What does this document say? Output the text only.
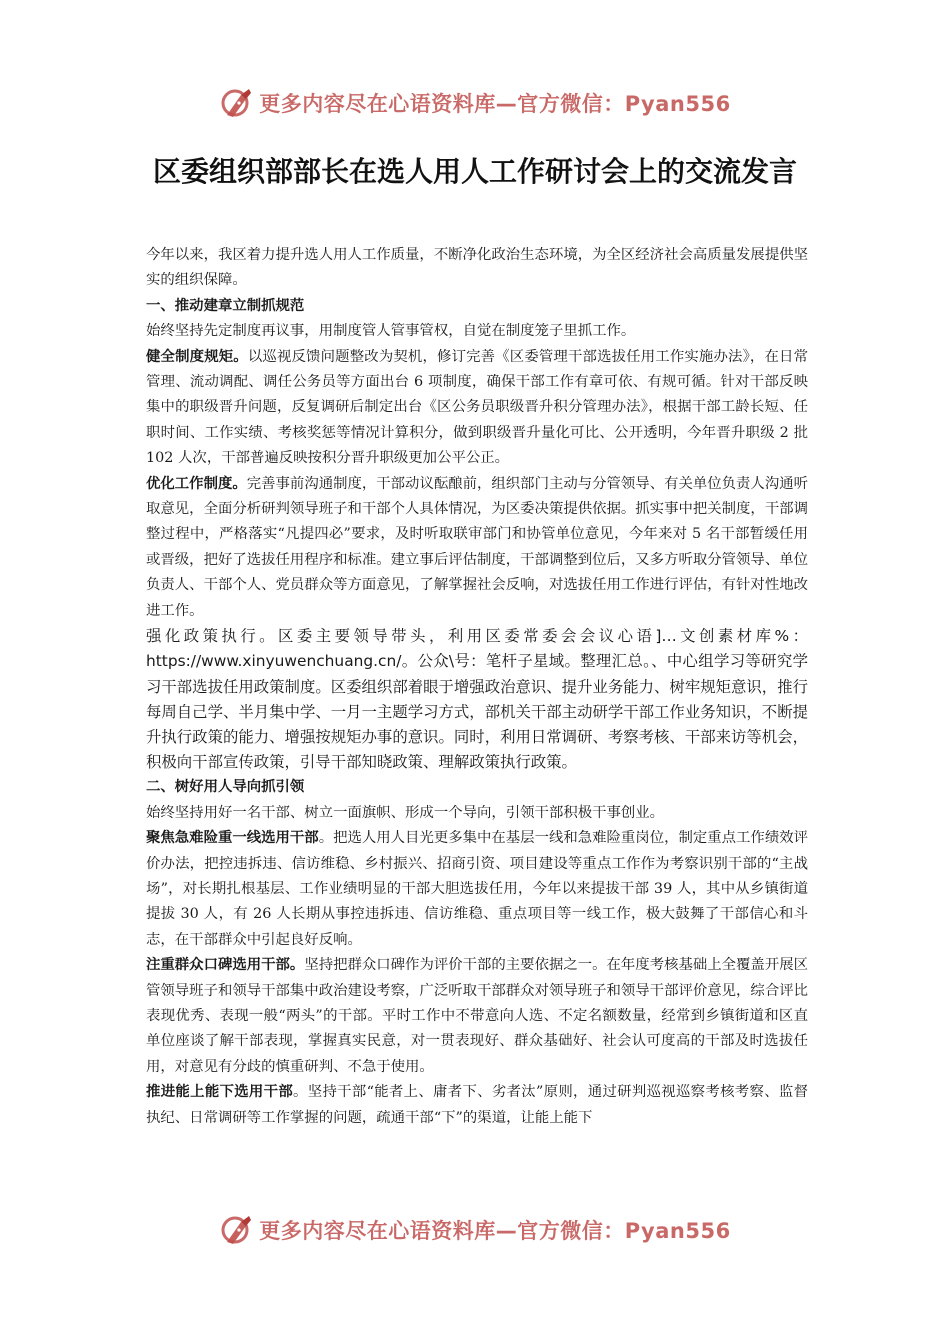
更多内容尽在心语资料库—官方微信：Pyan556
区委组织部部长在选人用人工作研讨会上的交流发言

今年以来，我区着力提升选人用人工作质量，不断净化政治生态环境，为全区经济社会高质量发展提供坚实的组织保障。

一、推动建章立制抓规范

始终坚持先定制度再议事，用制度管人管事管权，自觉在制度笼子里抓工作。

健全制度规矩。以巡视反馈问题整改为契机，修订完善《区委管理干部选拔任用工作实施办法》，在日常管理、流动调配、调任公务员等方面出台 6 项制度，确保干部工作有章可依、有规可循。针对干部反映集中的职级晋升问题，反复调研后制定出台《区公务员职级晋升积分管理办法》，根据干部工龄长短、任职时间、工作实绩、考核奖惩等情况计算积分，做到职级晋升量化可比、公开透明，今年晋升职级 2 批 102 人次，干部普遍反映按积分晋升职级更加公平公正。

优化工作制度。完善事前沟通制度，干部动议酝酿前，组织部门主动与分管领导、有关单位负责人沟通听取意见，全面分析研判领导班子和干部个人具体情况，为区委决策提供依据。抓实事中把关制度，干部调整过程中，严格落实“凡提四必”要求，及时听取联审部门和协管单位意见，今年来对 5 名干部暂缓任用或晋级，把好了选拔任用程序和标准。建立事后评估制度，干部调整到位后，又多方听取分管领导、单位负责人、干部个人、党员群众等方面意见，了解掌握社会反响，对选拔任用工作进行评估，有针对性地改进工作。

强化政策执行。区委主要领导带头，利用区委常委会会议心语]…文创素材库%：https://www.xinyuwenchuang.cn/。公众\号：笔杆子星域。整理汇总。、中心组学习等研究学习干部选拔任用政策制度。区委组织部着眼于增强政治意识、提升业务能力、树牢规矩意识，推行每周自己学、半月集中学、一月一主题学习方式，部机关干部主动研学干部工作业务知识，不断提升执行政策的能力、增强按规矩办事的意识。同时，利用日常调研、考察考核、干部来访等机会，积极向干部宣传政策，引导干部知晓政策、理解政策执行政策。

二、树好用人导向抓引领

始终坚持用好一名干部、树立一面旗帜、形成一个导向，引领干部积极干事创业。

聚焦急难险重一线选用干部。把选人用人目光更多集中在基层一线和急难险重岗位，制定重点工作绩效评价办法，把控违拆违、信访维稳、乡村振兴、招商引资、项目建设等重点工作作为考察识别干部的“主战场”，对长期扎根基层、工作业绩明显的干部大胆选拔任用，今年以来提拔干部 39 人，其中从乡镇街道提拔 30 人，有 26 人长期从事控违拆违、信访维稳、重点项目等一线工作，极大鼓舞了干部信心和斗志，在干部群众中引起良好反响。

注重群众口碑选用干部。坚持把群众口碑作为评价干部的主要依据之一。在年度考核基础上全覆盖开展区管领导班子和领导干部集中政治建设考察，广泛听取干部群众对领导班子和领导干部评价意见，综合评比表现优秀、表现一般“两头”的干部。平时工作中不带意向人选、不定名额数量，经常到乡镇街道和区直单位座谈了解干部表现，掌握真实民意，对一贯表现好、群众基础好、社会认可度高的干部及时选拔任用，对意见有分歧的慎重研判、不急于使用。

推进能上能下选用干部。坚持干部“能者上、庸者下、劣者汰”原则，通过研判巡视巡察考核考察、监督执纪、日常调研等工作掌握的问题，疏通干部“下”的渠道，让能上能下

更多内容尽在心语资料库—官方微信：Pyan556
